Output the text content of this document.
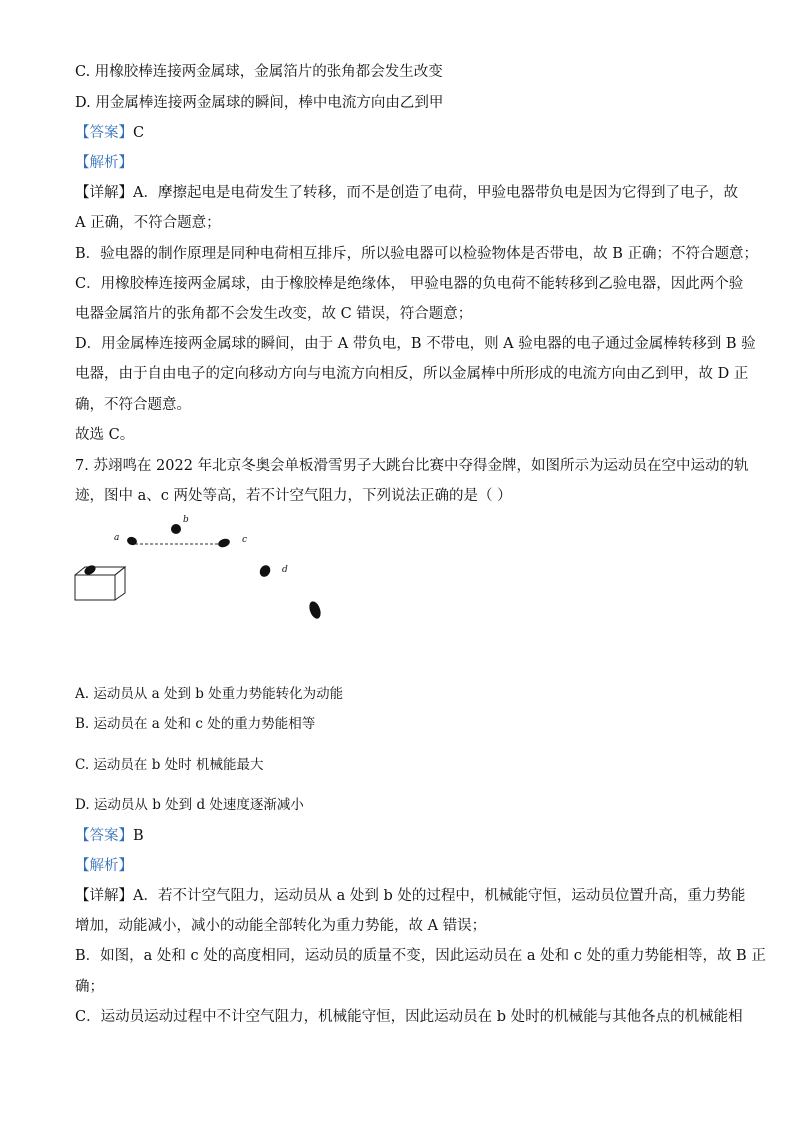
C. 用橡胶棒连接两金属球，金属箔片的张角都会发生改变
D. 用金属棒连接两金属球的瞬间，棒中电流方向由乙到甲
【答案】C
【解析】
【详解】A．摩擦起电是电荷发生了转移，而不是创造了电荷，甲验电器带负电是因为它得到了电子，故
A 正确，不符合题意；
B．验电器的制作原理是同种电荷相互排斥，所以验电器可以检验物体是否带电，故 B 正确；不符合题意；
C．用橡胶棒连接两金属球，由于橡胶棒是绝缘体， 甲验电器的负电荷不能转移到乙验电器，因此两个验
电器金属箔片的张角都不会发生改变，故 C 错误，符合题意；
D．用金属棒连接两金属球的瞬间，由于 A 带负电，B 不带电，则 A 验电器的电子通过金属棒转移到 B 验
电器，由于自由电子的定向移动方向与电流方向相反，所以金属棒中所形成的电流方向由乙到甲，故 D 正
确，不符合题意。
故选 C。
7. 苏翊鸣在 2022 年北京冬奥会单板滑雪男子大跳台比赛中夺得金牌，如图所示为运动员在空中运动的轨
迹，图中 a、c 两处等高，若不计空气阻力，下列说法正确的是（ ）
a
b
c
d
A. 运动员从 a 处到 b 处重力势能转化为动能
B. 运动员在 a 处和 c 处的重力势能相等
C. 运动员在 b 处时 机械能最大
D. 运动员从 b 处到 d 处速度逐渐减小
【答案】B
【解析】
【详解】A．若不计空气阻力，运动员从 a 处到 b 处的过程中，机械能守恒，运动员位置升高，重力势能
增加，动能减小，减小的动能全部转化为重力势能，故 A 错误；
B．如图，a 处和 c 处的高度相同，运动员的质量不变，因此运动员在 a 处和 c 处的重力势能相等，故 B 正
确；
C．运动员运动过程中不计空气阻力，机械能守恒，因此运动员在 b 处时的机械能与其他各点的机械能相
